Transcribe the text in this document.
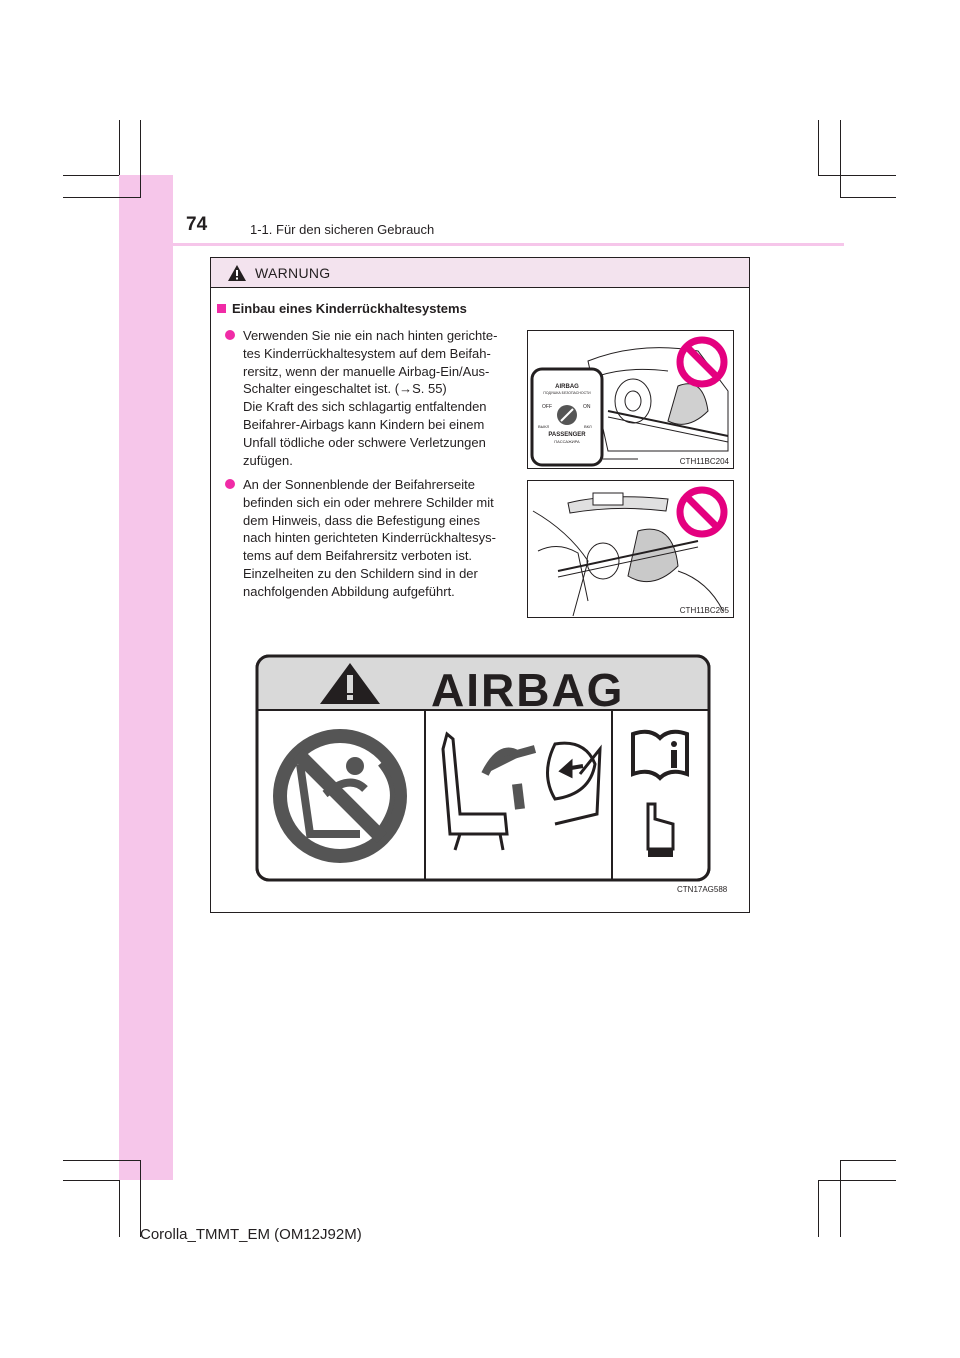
74	1-1. Für den sicheren Gebrauch
WARNUNG
Einbau eines Kinderrückhaltesystems
Verwenden Sie nie ein nach hinten gerichte-
tes Kinderrückhaltesystem auf dem Beifah-
rersitz, wenn der manuelle Airbag-Ein/Aus-
Schalter eingeschaltet ist. (→S. 55)
Die Kraft des sich schlagartig entfaltenden
Beifahrer-Airbags kann Kindern bei einem
Unfall tödliche oder schwere Verletzungen
zufügen.
An der Sonnenblende der Beifahrerseite
befinden sich ein oder mehrere Schilder mit
dem Hinweis, dass die Befestigung eines
nach hinten gerichteten Kinderrückhaltesys-
tems auf dem Beifahrersitz verboten ist.
Einzelheiten zu den Schildern sind in der
nachfolgenden Abbildung aufgeführt.
AIRBAG
ПОДУШКА БЕЗОПАСНОСТИ
OFF	ON
ВЫКЛ	ВКЛ
PASSENGER
ПАССАЖИРА
CTH11BC204
CTH11BC205
AIRBAG
CTN17AG588
Corolla_TMMT_EM (OM12J92M)
